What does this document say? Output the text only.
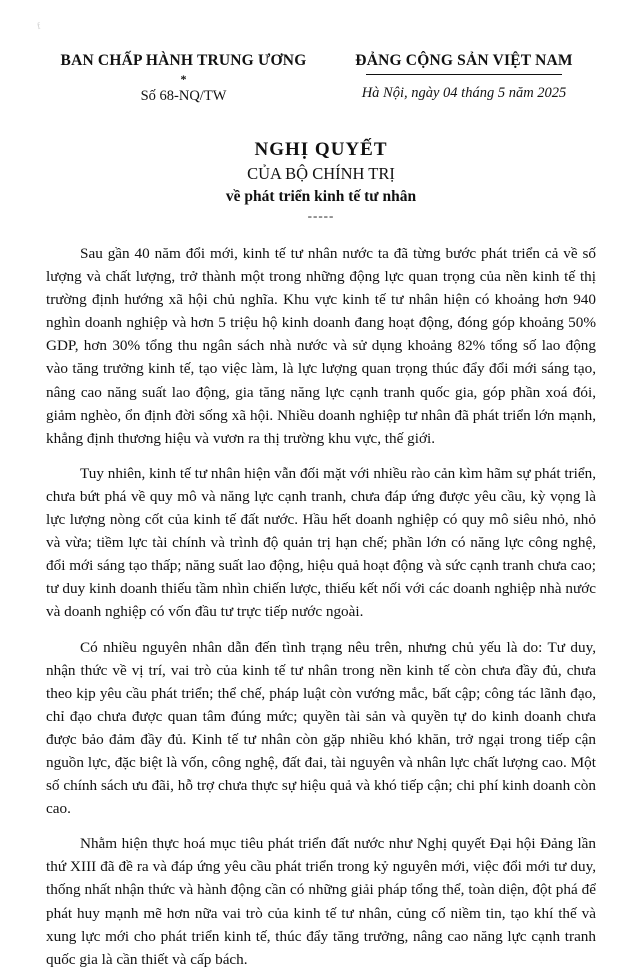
ᶠ
BAN CHẤP HÀNH TRUNG ƯƠNG
*
Số 68-NQ/TW
ĐẢNG CỘNG SẢN VIỆT NAM
Hà Nội, ngày 04 tháng 5 năm 2025
NGHỊ QUYẾT
CỦA BỘ CHÍNH TRỊ
về phát triển kinh tế tư nhân
-----

Sau gần 40 năm đổi mới, kinh tế tư nhân nước ta đã từng bước phát triển cả về số lượng và chất lượng, trở thành một trong những động lực quan trọng của nền kinh tế thị trường định hướng xã hội chủ nghĩa. Khu vực kinh tế tư nhân hiện có khoảng hơn 940 nghìn doanh nghiệp và hơn 5 triệu hộ kinh doanh đang hoạt động, đóng góp khoảng 50% GDP, hơn 30% tổng thu ngân sách nhà nước và sử dụng khoảng 82% tổng số lao động vào tăng trưởng kinh tế, tạo việc làm, là lực lượng quan trọng thúc đẩy đổi mới sáng tạo, nâng cao năng suất lao động, gia tăng năng lực cạnh tranh quốc gia, góp phần xoá đói, giảm nghèo, ổn định đời sống xã hội. Nhiều doanh nghiệp tư nhân đã phát triển lớn mạnh, khẳng định thương hiệu và vươn ra thị trường khu vực, thế giới.

Tuy nhiên, kinh tế tư nhân hiện vẫn đối mặt với nhiều rào cản kìm hãm sự phát triển, chưa bứt phá về quy mô và năng lực cạnh tranh, chưa đáp ứng được yêu cầu, kỳ vọng là lực lượng nòng cốt của kinh tế đất nước. Hầu hết doanh nghiệp có quy mô siêu nhỏ, nhỏ và vừa; tiềm lực tài chính và trình độ quản trị hạn chế; phần lớn có năng lực công nghệ, đổi mới sáng tạo thấp; năng suất lao động, hiệu quả hoạt động và sức cạnh tranh chưa cao; tư duy kinh doanh thiếu tầm nhìn chiến lược, thiếu kết nối với các doanh nghiệp nhà nước và doanh nghiệp có vốn đầu tư trực tiếp nước ngoài.

Có nhiều nguyên nhân dẫn đến tình trạng nêu trên, nhưng chủ yếu là do: Tư duy, nhận thức về vị trí, vai trò của kinh tế tư nhân trong nền kinh tế còn chưa đầy đủ, chưa theo kịp yêu cầu phát triển; thể chế, pháp luật còn vướng mắc, bất cập; công tác lãnh đạo, chỉ đạo chưa được quan tâm đúng mức; quyền tài sản và quyền tự do kinh doanh chưa được bảo đảm đầy đủ. Kinh tế tư nhân còn gặp nhiều khó khăn, trở ngại trong tiếp cận nguồn lực, đặc biệt là vốn, công nghệ, đất đai, tài nguyên và nhân lực chất lượng cao. Một số chính sách ưu đãi, hỗ trợ chưa thực sự hiệu quả và khó tiếp cận; chi phí kinh doanh còn cao.

Nhằm hiện thực hoá mục tiêu phát triển đất nước như Nghị quyết Đại hội Đảng lần thứ XIII đã đề ra và đáp ứng yêu cầu phát triển trong kỷ nguyên mới, việc đổi mới tư duy, thống nhất nhận thức và hành động cần có những giải pháp tổng thể, toàn diện, đột phá để phát huy mạnh mẽ hơn nữa vai trò của kinh tế tư nhân, củng cố niềm tin, tạo khí thế và xung lực mới cho phát triển kinh tế, thúc đẩy tăng trưởng, nâng cao năng lực cạnh tranh quốc gia là cần thiết và cấp bách.
